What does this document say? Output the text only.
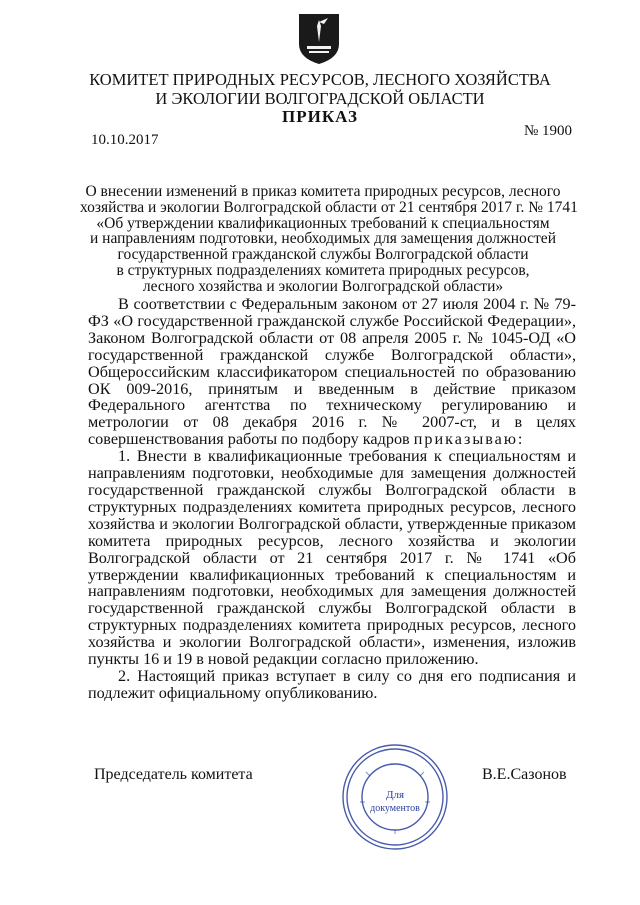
КОМИТЕТ ПРИРОДНЫХ РЕСУРСОВ, ЛЕСНОГО ХОЗЯЙСТВА
И ЭКОЛОГИИ ВОЛГОГРАДСКОЙ ОБЛАСТИ
ПРИКАЗ
10.10.2017
№ 1900
О внесении изменений в приказ комитета природных ресурсов, лесного
хозяйства и экологии Волгоградской области от 21 сентября 2017 г. № 1741
«Об утверждении квалификационных требований к специальностям
и направлениям подготовки, необходимых для замещения должностей
государственной гражданской службы Волгоградской области
в структурных подразделениях комитета природных ресурсов,
лесного хозяйства и экологии Волгоградской области»

В соответствии с Федеральным законом от 27 июля 2004 г. № 79-ФЗ «О государственной гражданской службе Российской Федерации», Законом Волгоградской области от 08 апреля 2005 г. № 1045-ОД «О государственной гражданской службе Волгоградской области», Общероссийским классификатором специальностей по образованию ОК 009-2016, принятым и введенным в действие приказом Федерального агентства по техническому регулированию и метрологии от 08 декабря 2016 г. № 2007-ст, и в целях совершенствования работы по подбору кадров приказываю:

1. Внести в квалификационные требования к специальностям и направлениям подготовки, необходимые для замещения должностей государственной гражданской службы Волгоградской области в структурных подразделениях комитета природных ресурсов, лесного хозяйства и экологии Волгоградской области, утвержденные приказом комитета природных ресурсов, лесного хозяйства и экологии Волгоградской области от 21 сентября 2017 г. № 1741 «Об утверждении квалификационных требований к специальностям и направлениям подготовки, необходимых для замещения должностей государственной гражданской службы Волгоградской области в структурных подразделениях комитета природных ресурсов, лесного хозяйства и экологии Волгоградской области», изменения, изложив пункты 16 и 19 в новой редакции согласно приложению.

2. Настоящий приказ вступает в силу со дня его подписания и подлежит официальному опубликованию.

Председатель комитета	В.Е.Сазонов
Для
документов
